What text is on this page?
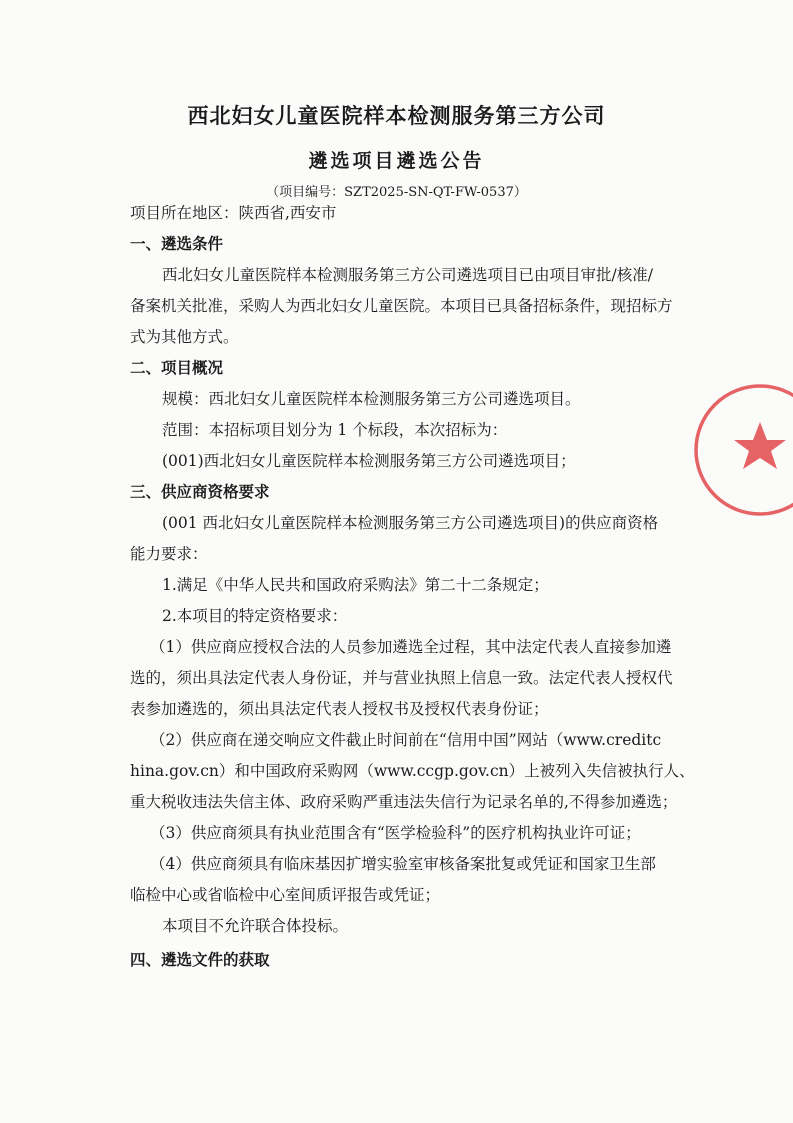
西北妇女儿童医院样本检测服务第三方公司
遴选项目遴选公告
（项目编号：SZT2025-SN-QT-FW-0537）
项目所在地区：陕西省,西安市
一、遴选条件
西北妇女儿童医院样本检测服务第三方公司遴选项目已由项目审批/核准/
备案机关批准，采购人为西北妇女儿童医院。本项目已具备招标条件，现招标方
式为其他方式。
二、项目概况
规模：西北妇女儿童医院样本检测服务第三方公司遴选项目。
范围：本招标项目划分为 1 个标段，本次招标为：
(001)西北妇女儿童医院样本检测服务第三方公司遴选项目；
三、供应商资格要求
(001 西北妇女儿童医院样本检测服务第三方公司遴选项目)的供应商资格
能力要求：
1.满足《中华人民共和国政府采购法》第二十二条规定；
2.本项目的特定资格要求：
（1）供应商应授权合法的人员参加遴选全过程，其中法定代表人直接参加遴
选的，须出具法定代表人身份证，并与营业执照上信息一致。法定代表人授权代
表参加遴选的，须出具法定代表人授权书及授权代表身份证；
（2）供应商在递交响应文件截止时间前在“信用中国”网站（www.creditc
hina.gov.cn）和中国政府采购网（www.ccgp.gov.cn）上被列入失信被执行人、
重大税收违法失信主体、政府采购严重违法失信行为记录名单的,不得参加遴选；
（3）供应商须具有执业范围含有“医学检验科”的医疗机构执业许可证；
（4）供应商须具有临床基因扩增实验室审核备案批复或凭证和国家卫生部
临检中心或省临检中心室间质评报告或凭证；
本项目不允许联合体投标。
四、遴选文件的获取
